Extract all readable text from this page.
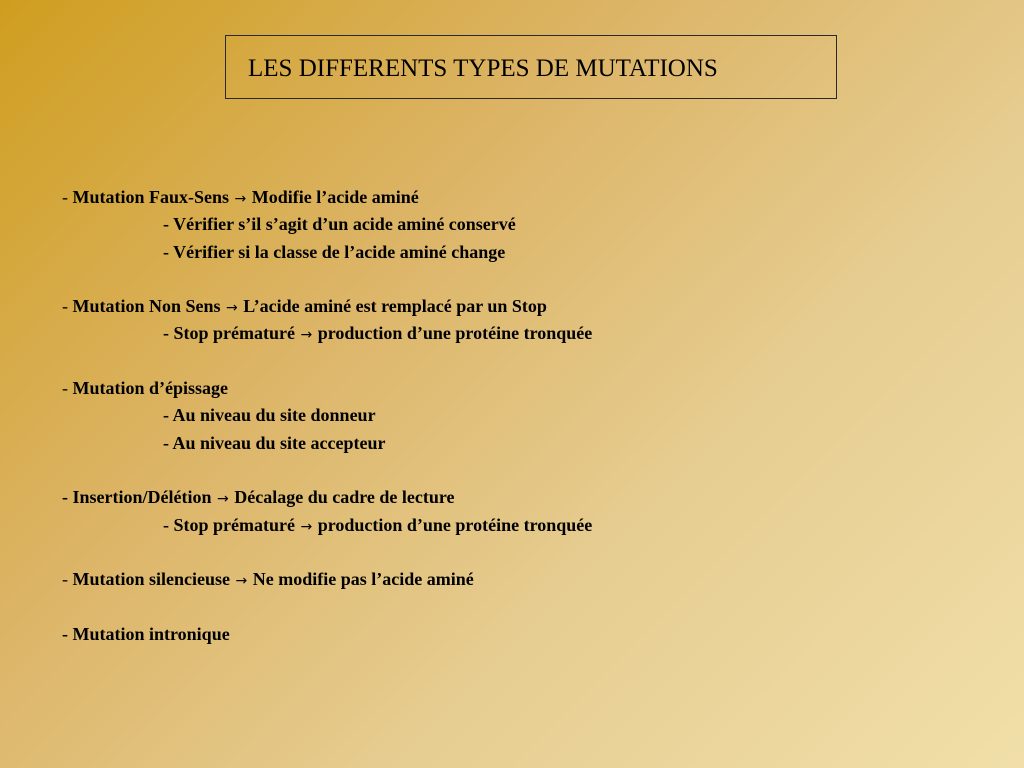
LES DIFFERENTS TYPES DE MUTATIONS
- Mutation Faux-Sens → Modifie l’acide aminé
- Vérifier s’il s’agit d’un acide aminé conservé
- Vérifier si la classe de l’acide aminé change
- Mutation Non Sens → L’acide aminé est remplacé par un Stop
- Stop prématuré → production d’une protéine tronquée
- Mutation d’épissage
- Au niveau du site donneur
- Au niveau du site accepteur
- Insertion/Délétion → Décalage du cadre de lecture
- Stop prématuré → production d’une protéine tronquée
- Mutation silencieuse → Ne modifie pas l’acide aminé
- Mutation intronique
